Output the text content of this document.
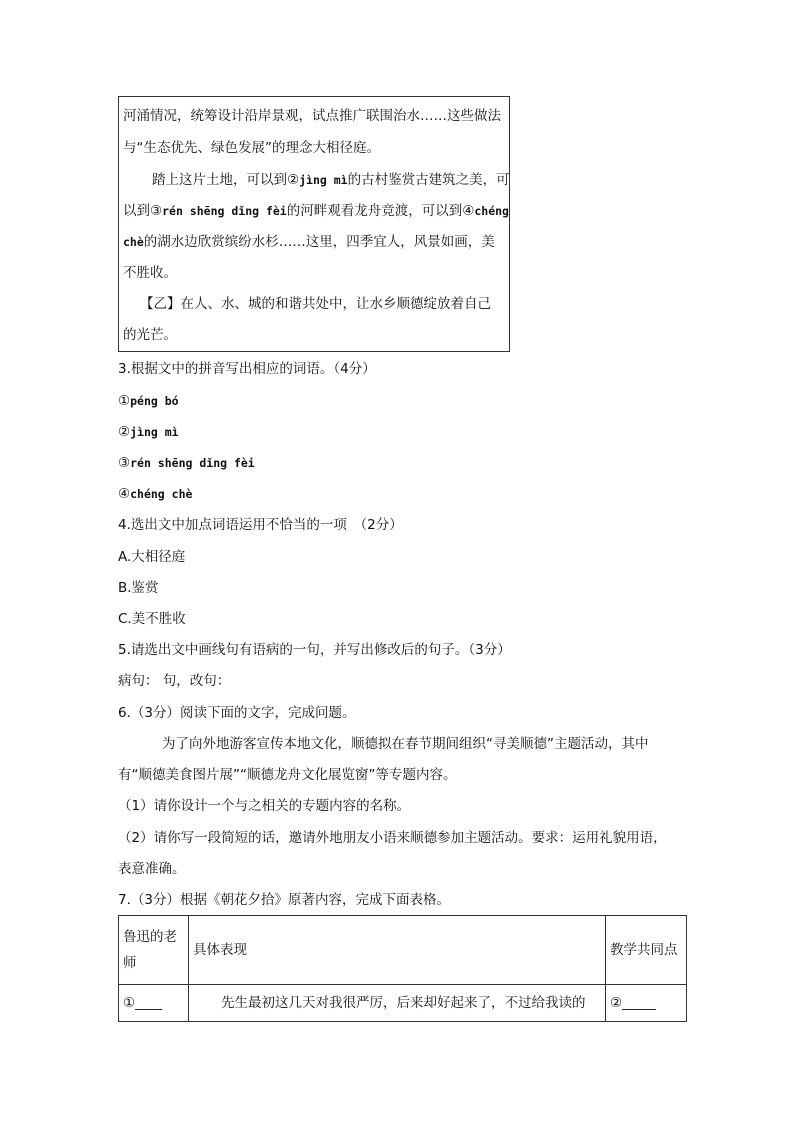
河涌情况，统筹设计沿岸景观，试点推广联围治水……这些做法
与“生态优先、绿色发展”的理念大相径庭。
踏上这片土地，可以到②jìng mì的古村鉴赏古建筑之美，可
以到③rén shēng dǐng fèi的河畔观看龙舟竞渡，可以到④chéng
chè的湖水边欣赏缤纷水杉……这里，四季宜人，风景如画，美
不胜收。
【乙】在人、水、城的和谐共处中，让水乡顺德绽放着自己
的光芒。
3.根据文中的拼音写出相应的词语。（4分）
①péng bó
②jìng mì
③rén shēng dǐng fèi
④chéng chè
4.选出文中加点词语运用不恰当的一项　（2分）
A.大相径庭
B.鉴赏
C.美不胜收
5.请选出文中画线句有语病的一句，并写出修改后的句子。（3分）
病句： 句，改句：
6.（3分）阅读下面的文字，完成问题。
为了向外地游客宣传本地文化，顺德拟在春节期间组织“寻美顺德”主题活动，其中
有“顺德美食图片展”“顺德龙舟文化展览窗”等专题内容。
（1）请你设计一个与之相关的专题内容的名称。
（2）请你写一段简短的话，邀请外地朋友小语来顺德参加主题活动。要求：运用礼貌用语，
表意准确。
7.（3分）根据《朝花夕拾》原著内容，完成下面表格。
鲁迅的老师	具体表现	教学共同点
①____	先生最初这几天对我很严厉，后来却好起来了，不过给我读的	②_____
